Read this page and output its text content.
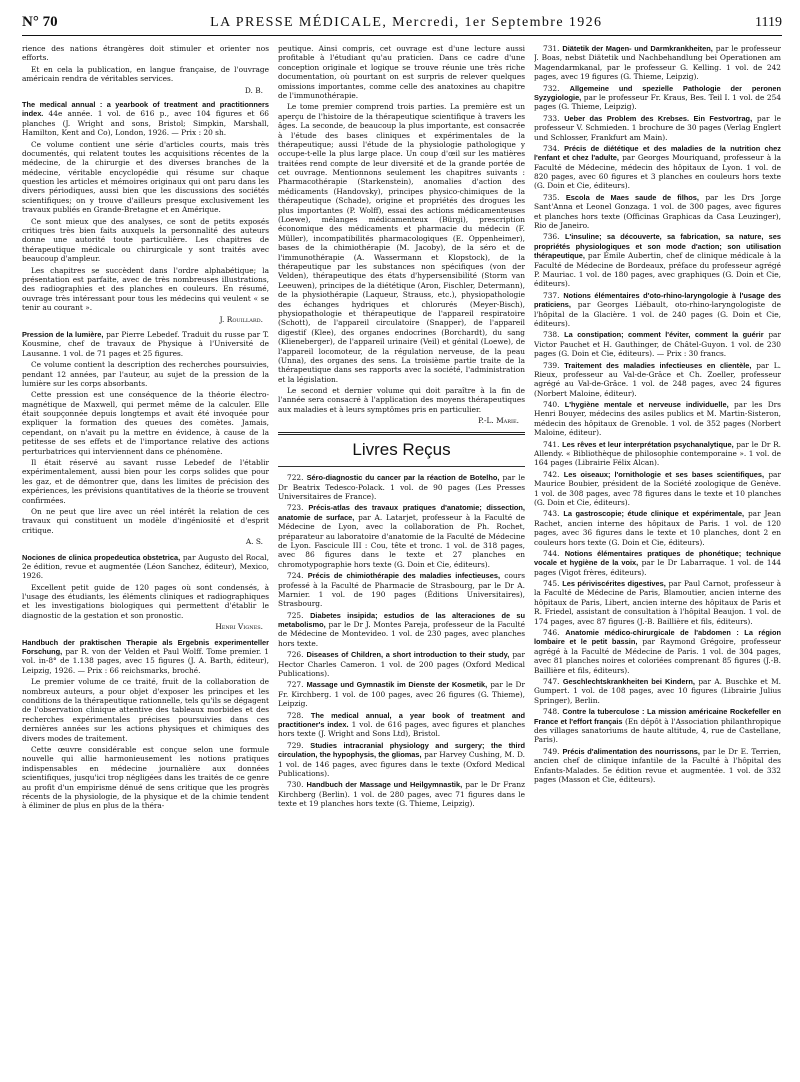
N° 70	LA PRESSE MÉDICALE, Mercredi, 1er Septembre 1926	1119

rience des nations étrangères doit stimuler et orienter nos efforts.

Et en cela la publication, en langue française, de l'ouvrage américain rendra de véritables services.

D. B.

The medical annual : a yearbook of treatment and practitionners index. 44e année. 1 vol. de 616 p., avec 104 figures et 66 planches (J. Wright and sons, Bristol; Simpkin, Marshall, Hamilton, Kent and Co), London, 1926. — Prix : 20 sh.

Ce volume contient une série d'articles courts, mais très documentés, qui relatent toutes les acquisitions récentes de la médecine, de la chirurgie et des diverses branches de la médecine, véritable encyclopédie qui résume sur chaque question les articles et mémoires originaux qui ont paru dans les divers périodiques, aussi bien que les discussions des sociétés scientifiques; on y trouve d'ailleurs presque exclusivement les travaux publiés en Grande-Bretagne et en Amérique.

Ce sont mieux que des analyses, ce sont de petits exposés critiques très bien faits auxquels la personnalité des auteurs donne une autorité toute particulière. Les chapitres de thérapeutique médicale ou chirurgicale y sont traités avec beaucoup d'ampleur.

Les chapitres se succèdent dans l'ordre alphabétique; la présentation est parfaite, avec de très nombreuses illustrations, des radiographies et des planches en couleurs. En résumé, ouvrage très intéressant pour tous les médecins qui veulent « se tenir au courant ».

J. Rouillard.

Pression de la lumière, par Pierre Lebedef. Traduit du russe par T. Kousmine, chef de travaux de Physique à l'Université de Lausanne. 1 vol. de 71 pages et 25 figures.

Ce volume contient la description des recherches poursuivies, pendant 12 années, par l'auteur, au sujet de la pression de la lumière sur les corps absorbants.

Cette pression est une conséquence de la théorie électro-magnétique de Maxwell, qui permet même de la calculer. Elle était soupçonnée depuis longtemps et avait été invoquée pour expliquer la formation des queues des comètes. Jamais, cependant, on n'avait pu la mettre en évidence, à cause de la petitesse de ses effets et de l'importance relative des actions perturbatrices qui interviennent dans ce phénomène.

Il était réservé au savant russe Lebedef de l'établir expérimentalement, aussi bien pour les corps solides que pour les gaz, et de démontrer que, dans les limites de précision des expériences, les prévisions quantitatives de la théorie se trouvent confirmées.

On ne peut que lire avec un réel intérêt la relation de ces travaux qui constituent un modèle d'ingéniosité et d'esprit critique.

A. S.

Nociones de clinica propedeutica obstetrica, par Augusto del Rocal, 2e édition, revue et augmentée (Léon Sanchez, éditeur), Mexico, 1926.

Excellent petit guide de 120 pages où sont condensés, à l'usage des étudiants, les éléments cliniques et radiographiques et les investigations biologiques qui permettent d'établir le diagnostic de la gestation et son pronostic.

Henri Vignes.

Handbuch der praktischen Therapie als Ergebnis experimenteller Forschung, par R. von der Velden et Paul Wolff. Tome premier. 1 vol. in-8° de 1.138 pages, avec 15 figures (J. A. Barth, éditeur), Leipzig, 1926. — Prix : 66 reichsmarks, broché.

Le premier volume de ce traité, fruit de la collaboration de nombreux auteurs, a pour objet d'exposer les principes et les conditions de la thérapeutique rationnelle, tels qu'ils se dégagent de l'observation clinique attentive des tableaux morbides et des recherches expérimentales précises poursuivies dans ces dernières années sur les actions physiques et chimiques des divers modes de traitement.

Cette œuvre considérable est conçue selon une formule nouvelle qui allie harmonieusement les notions pratiques indispensables en médecine journalière aux données scientifiques, jusqu'ici trop négligées dans les traités de ce genre au profit d'un empirisme dénué de sens critique que les progrès récents de la physiologie, de la physique et de la chimie tendent à éliminer de plus en plus de la théra-

peutique. Ainsi compris, cet ouvrage est d'une lecture aussi profitable à l'étudiant qu'au praticien. Dans ce cadre d'une conception originale et logique se trouve réunie une très riche documentation, où pourtant on est surpris de relever quelques omissions importantes, comme celle des anatoxines au chapitre de l'immunothérapie.

Le tome premier comprend trois parties. La première est un aperçu de l'histoire de la thérapeutique scientifique à travers les âges. La seconde, de beaucoup la plus importante, est consacrée à l'étude des bases cliniques et expérimentales de la thérapeutique; aussi l'étude de la physiologie pathologique y occupe-t-elle la plus large place. Un coup d'œil sur les matières traitées rend compte de leur diversité et de la grande portée de cet ouvrage. Mentionnons seulement les chapitres suivants : Pharmacothérapie (Starkenstein), anomalies d'action des médicaments (Handovsky), principes physico-chimiques de la thérapeutique (Schade), origine et propriétés des drogues les plus importantes (P. Wolff), essai des actions médicamenteuses (Loewe), mélanges médicamenteux (Bürgi), prescription économique des médicaments et pharmacie du médecin (F. Müller), incompatibilités pharmacologiques (E. Oppenheimer), bases de la chimiothérapie (M. Jacoby), de la séro et de l'immunothérapie (A. Wassermann et Klopstock), de la thérapeutique par les substances non spécifiques (von der Velden), thérapeutique des états d'hypersensibilité (Storm van Leeuwen), principes de la diététique (Aron, Fischler, Determann), de la physiothérapie (Laqueur, Strauss, etc.), physiopathologie des échanges hydriques et chlorurés (Meyer-Bisch), physiopathologie et thérapeutique de l'appareil respiratoire (Schott), de l'appareil circulatoire (Snapper), de l'appareil digestif (Klee), des organes endocrines (Borchardt), du sang (Klieneberger), de l'appareil urinaire (Veil) et génital (Loewe), de l'appareil locomoteur, de la régulation nerveuse, de la peau (Unna), des organes des sens. La troisième partie traite de la thérapeutique dans ses rapports avec la société, l'administration et la législation.

Le second et dernier volume qui doit paraître à la fin de l'année sera consacré à l'application des moyens thérapeutiques aux maladies et à leurs symptômes pris en particulier.

P.-L. Marie.
Livres Reçus

722. Séro-diagnostic du cancer par la réaction de Botelho, par le Dr Beatrix Tedesco-Polack. 1 vol. de 90 pages (Les Presses Universitaires de France).

723. Précis-atlas des travaux pratiques d'anatomie; dissection, anatomie de surface, par A. Latarjet, professeur à la Faculté de Médecine de Lyon, avec la collaboration de Ph. Rochet, préparateur au laboratoire d'anatomie de la Faculté de Médecine de Lyon. Fascicule III : Cou, tête et tronc. 1 vol. de 318 pages, avec 86 figures dans le texte et 27 planches en chromotypographie hors texte (G. Doin et Cie, éditeurs).

724. Précis de chimiothérapie des maladies infectieuses, cours professé à la Faculté de Pharmacie de Strasbourg, par le Dr A. Marnier. 1 vol. de 190 pages (Éditions Universitaires), Strasbourg.

725. Diabetes insipida; estudios de las alteraciones de su metabolismo, par le Dr J. Montes Pareja, professeur de la Faculté de Médecine de Montevideo. 1 vol. de 230 pages, avec planches hors texte.

726. Diseases of Children, a short introduction to their study, par Hector Charles Cameron. 1 vol. de 200 pages (Oxford Medical Publications).

727. Massage und Gymnastik im Dienste der Kosmetik, par le Dr Fr. Kirchberg. 1 vol. de 100 pages, avec 26 figures (G. Thieme), Leipzig.

728. The medical annual, a year book of treatment and practitioner's index. 1 vol. de 616 pages, avec figures et planches hors texte (J. Wright and Sons Ltd), Bristol.

729. Studies intracranial physiology and surgery; the third circulation, the hypophysis, the gliomas, par Harvey Cushing, M. D. 1 vol. de 146 pages, avec figures dans le texte (Oxford Medical Publications).

730. Handbuch der Massage und Heilgymnastik, par le Dr Franz Kirchberg (Berlin). 1 vol. de 280 pages, avec 71 figures dans le texte et 19 planches hors texte (G. Thieme, Leipzig).

731. Diätetik der Magen- und Darmkrankheiten, par le professeur J. Boas, nebst Diätetik und Nachbehandlung bei Operationen am Magendarmkanal, par le professeur G. Kelling. 1 vol. de 242 pages, avec 19 figures (G. Thieme, Leipzig).

732. Allgemeine und spezielle Pathologie der peronen Syzygiologie, par le professeur Fr. Kraus, Bes. Teil I. 1 vol. de 254 pages (G. Thieme, Leipzig).

733. Ueber das Problem des Krebses. Ein Festvortrag, par le professeur V. Schmieden. 1 brochure de 30 pages (Verlag Englert und Schlosser, Frankfurt am Main).

734. Précis de diététique et des maladies de la nutrition chez l'enfant et chez l'adulte, par Georges Mouriquand, professeur à la Faculté de Médecine, médecin des hôpitaux de Lyon. 1 vol. de 820 pages, avec 60 figures et 3 planches en couleurs hors texte (G. Doin et Cie, éditeurs).

735. Escola de Maes saude de filhos, par les Drs Jorge Sant'Anna et Leonel Gonzaga. 1 vol. de 300 pages, avec figures et planches hors texte (Officinas Graphicas da Casa Leuzinger), Rio de Janeiro.

736. L'insuline; sa découverte, sa fabrication, sa nature, ses propriétés physiologiques et son mode d'action; son utilisation thérapeutique, par Émile Aubertin, chef de clinique médicale à la Faculté de Médecine de Bordeaux, préface du professeur agrégé P. Mauriac. 1 vol. de 180 pages, avec graphiques (G. Doin et Cie, éditeurs).

737. Notions élémentaires d'oto-rhino-laryngologie à l'usage des praticiens, par Georges Liébault, oto-rhino-laryngologiste de l'hôpital de la Glacière. 1 vol. de 240 pages (G. Doin et Cie, éditeurs).

738. La constipation; comment l'éviter, comment la guérir par Victor Pauchet et H. Gauthinger, de Châtel-Guyon. 1 vol. de 230 pages (G. Doin et Cie, éditeurs). — Prix : 30 francs.

739. Traitement des maladies infectieuses en clientèle, par L. Rieux, professeur au Val-de-Grâce et Ch. Zoeller, professeur agrégé au Val-de-Grâce. 1 vol. de 248 pages, avec 24 figures (Norbert Maloine, éditeur).

740. L'hygiène mentale et nerveuse individuelle, par les Drs Henri Bouyer, médecins des asiles publics et M. Martin-Sisteron, médecin des hôpitaux de Grenoble. 1 vol. de 352 pages (Norbert Maloine, éditeur).

741. Les rêves et leur interprétation psychanalytique, par le Dr R. Allendy. « Bibliothèque de philosophie contemporaine ». 1 vol. de 164 pages (Librairie Félix Alcan).

742. Les oiseaux; l'ornithologie et ses bases scientifiques, par Maurice Boubier, président de la Société zoologique de Genève. 1 vol. de 308 pages, avec 78 figures dans le texte et 10 planches (G. Doin et Cie, éditeurs).

743. La gastroscopie; étude clinique et expérimentale, par Jean Rachet, ancien interne des hôpitaux de Paris. 1 vol. de 120 pages, avec 36 figures dans le texte et 10 planches, dont 2 en couleurs hors texte (G. Doin et Cie, éditeurs).

744. Notions élémentaires pratiques de phonétique; technique vocale et hygiène de la voix, par le Dr Labarraque. 1 vol. de 144 pages (Vigot frères, éditeurs).

745. Les périviscérites digestives, par Paul Carnot, professeur à la Faculté de Médecine de Paris, Blamoutier, ancien interne des hôpitaux de Paris, Libert, ancien interne des hôpitaux de Paris et R. Friedel, assistant de consultation à l'hôpital Beaujon. 1 vol. de 174 pages, avec 87 figures (J.-B. Baillière et fils, éditeurs).

746. Anatomie médico-chirurgicale de l'abdomen : La région lombaire et le petit bassin, par Raymond Grégoire, professeur agrégé à la Faculté de Médecine de Paris. 1 vol. de 304 pages, avec 81 planches noires et coloriées comprenant 85 figures (J.-B. Baillière et fils, éditeurs).

747. Geschlechtskrankheiten bei Kindern, par A. Buschke et M. Gumpert. 1 vol. de 108 pages, avec 10 figures (Librairie Julius Springer), Berlin.

748. Contre la tuberculose : La mission américaine Rockefeller en France et l'effort français (En dépôt à l'Association philanthropique des villages sanatoriums de haute altitude, 4, rue de Castellane, Paris).

749. Précis d'alimentation des nourrissons, par le Dr E. Terrien, ancien chef de clinique infantile de la Faculté à l'hôpital des Enfants-Malades. 5e édition revue et augmentée. 1 vol. de 332 pages (Masson et Cie, éditeurs).
